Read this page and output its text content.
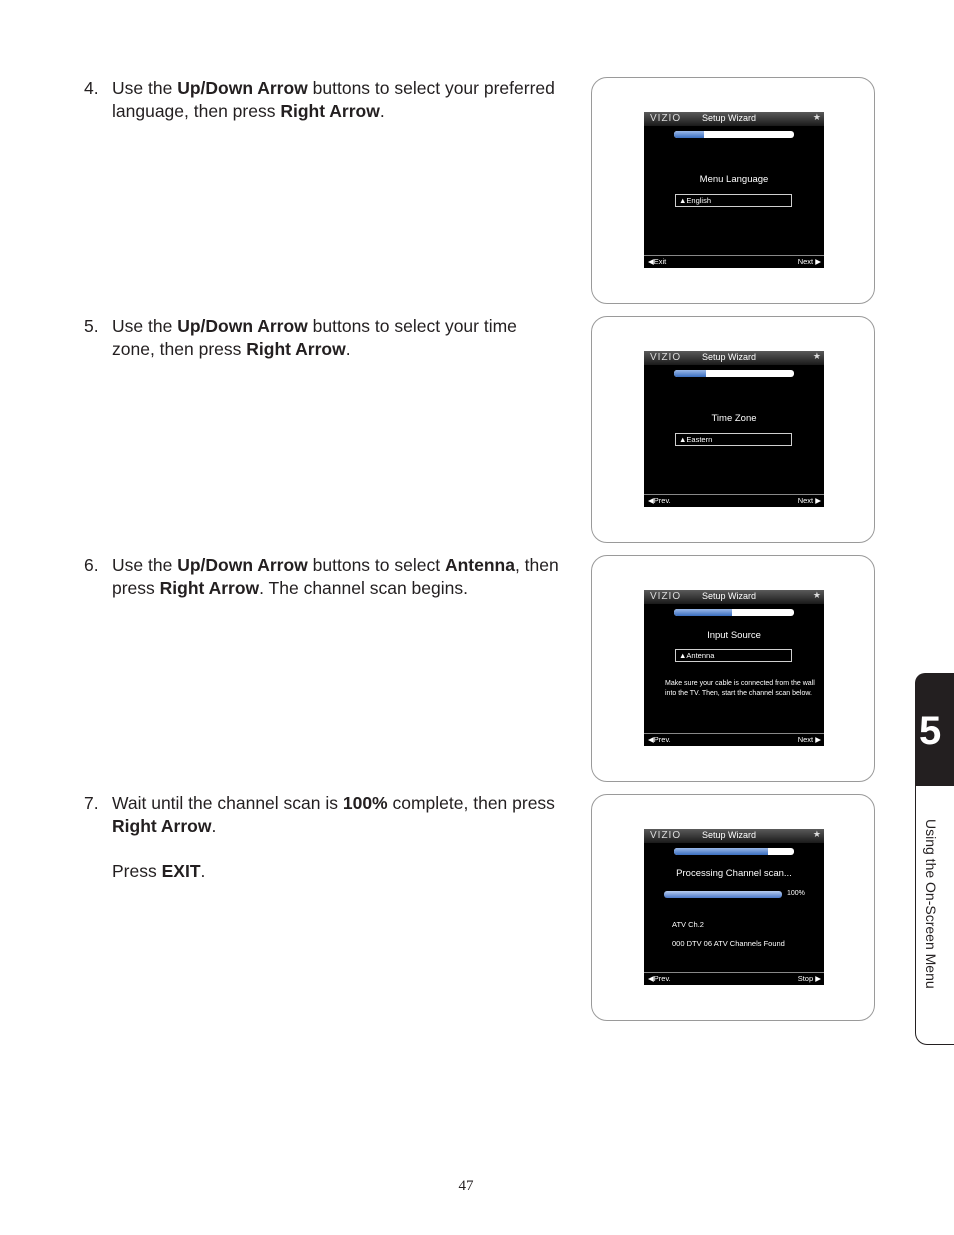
4. Use the Up/Down Arrow buttons to select your preferred language, then press Right Arrow.

5. Use the Up/Down Arrow buttons to select your time zone, then press Right Arrow.

6. Use the Up/Down Arrow buttons to select Antenna, then press Right Arrow. The channel scan begins.

7. Wait until the channel scan is 100% complete, then press Right Arrow.

Press EXIT.

VIZIO Setup Wizard	★
Menu Language
▲English
◀Exit	Next ▶
VIZIO Setup Wizard	★
Time Zone
▲Eastern
◀Prev.	Next ▶
VIZIO Setup Wizard	★
Input Source
▲Antenna
Make sure your cable is connected from the wall into the TV. Then, start the channel scan below.
◀Prev.	Next ▶
VIZIO Setup Wizard	★
Processing Channel scan...
100%
ATV Ch.2
000 DTV 06 ATV Channels Found
◀Prev.	Stop ▶
5
Using the On-Screen Menu
47
